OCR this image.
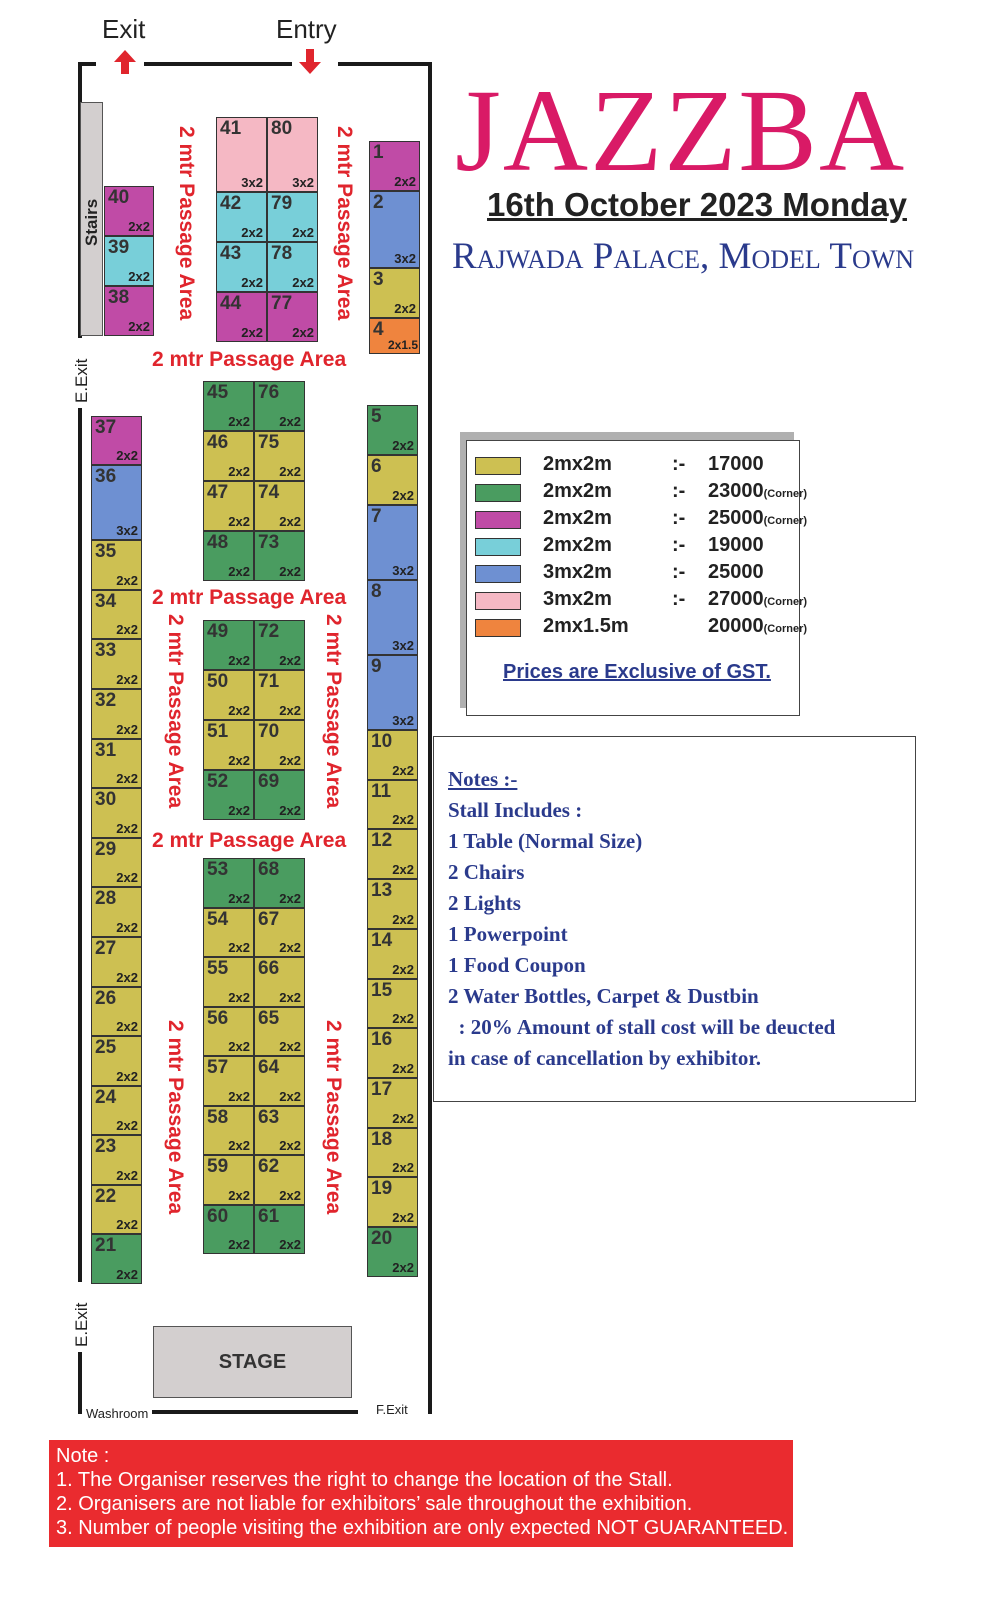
Exit	Entry
Stairs
E.Exit
E.Exit
Washroom	F.Exit
2 mtr Passage Area	2 mtr Passage Area
2 mtr Passage Area
2 mtr Passage Area
2 mtr Passage Area
2 mtr Passage Area	2 mtr Passage Area
2 mtr Passage Area	2 mtr Passage Area
1
2x2
2
3x2
3
2x2
4
2x1.5
5
2x2
6
2x2
7
3x2
8
3x2
9
3x2
10
2x2
11
2x2
12
2x2
13
2x2
14
2x2
15
2x2
16
2x2
17
2x2
18
2x2
19
2x2
20
2x2
21
2x2
22
2x2
23
2x2
24
2x2
25
2x2
26
2x2
27
2x2
28
2x2
29
2x2
30
2x2
31
2x2
32
2x2
33
2x2
34
2x2
35
2x2
36
3x2
37
2x2
38
2x2
39
2x2
40
2x2
41
3x2
42
2x2
43
2x2
44
2x2
45
2x2
46
2x2
47
2x2
48
2x2
49
2x2
50
2x2
51
2x2
52
2x2
53
2x2
54
2x2
55
2x2
56
2x2
57
2x2
58
2x2
59
2x2
60
2x2
61
2x2
62
2x2
63
2x2
64
2x2
65
2x2
66
2x2
67
2x2
68
2x2
69
2x2
70
2x2
71
2x2
72
2x2
73
2x2
74
2x2
75
2x2
76
2x2
77
2x2
78
2x2
79
2x2
80
3x2
STAGE
JAZZBA
16th October 2023 Monday
Rajwada Palace, Model Town
2mx2m	:- 17000
2mx2m	:- 23000(Corner)
2mx2m	:- 25000(Corner)
2mx2m	:- 19000
3mx2m	:- 25000
3mx2m	:- 27000(Corner)
2mx1.5m	20000(Corner)
Prices are Exclusive of GST.
Notes :-
Stall Includes :
1 Table (Normal Size)
2 Chairs
2 Lights
1 Powerpoint
1 Food Coupon
2 Water Bottles, Carpet & Dustbin
: 20% Amount of stall cost will be deucted
in case of cancellation by exhibitor.
Note :
1. The Organiser reserves the right to change the location of the Stall.
2. Organisers are not liable for exhibitors’ sale throughout the exhibition.
3. Number of people visiting the exhibition are only expected NOT GUARANTEED.
